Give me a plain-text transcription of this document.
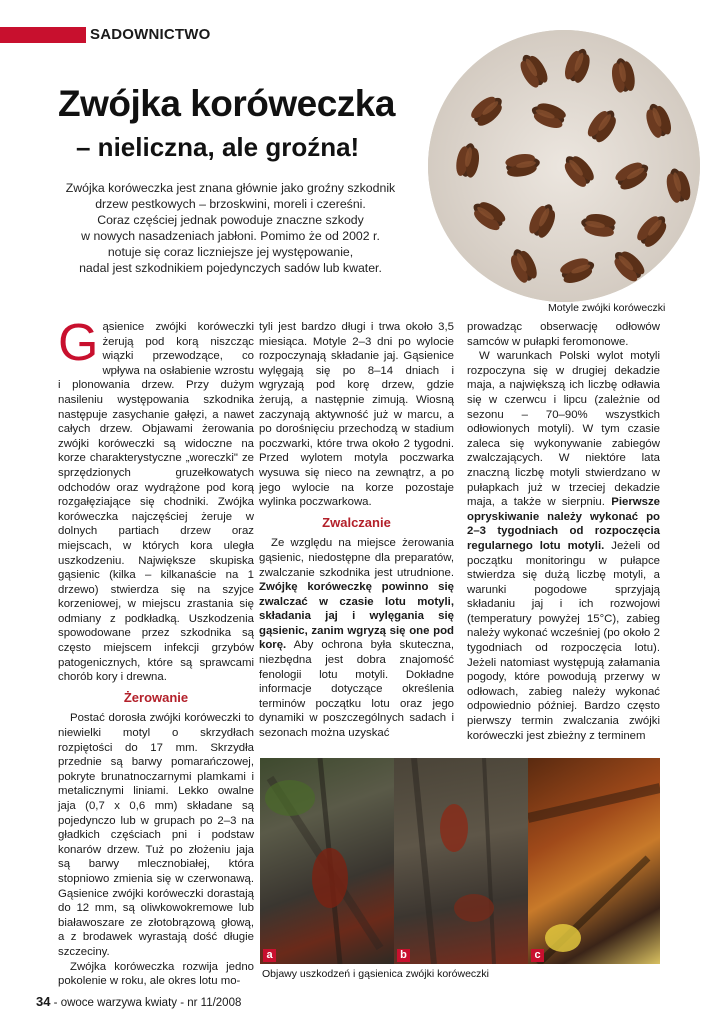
SADOWNICTWO
Zwójka koróweczka
– nieliczna, ale groźna!

Zwójka koróweczka jest znana głównie jako groźny szkodnik

drzew pestkowych – brzoskwini, moreli i czereśni.

Coraz częściej jednak powoduje znaczne szkody

w nowych nasadzeniach jabłoni. Pomimo że od 2002 r.

notuje się coraz liczniejsze jej występowanie,

nadal jest szkodnikiem pojedynczych sadów lub kwater.

Motyle zwójki koróweczki

Gąsienice zwójki koróweczki żerują pod korą niszcząc wiązki przewodzące, co wpływa na osłabienie wzrostu i plonowania drzew. Przy dużym nasileniu występowania szkodnika następuje zasychanie gałęzi, a nawet całych drzew. Objawami żerowania zwójki koróweczki są widoczne na korze charakterystyczne „woreczki" ze sprzędzionych gruzełkowatych odchodów oraz wydrążone pod korą rozgałęziające się chodniki. Zwójka koróweczka najczęściej żeruje w dolnych partiach drzew oraz miejscach, w których kora uległa uszkodzeniu. Największe skupiska gąsienic (kilka – kilkanaście na 1 drzewo) stwierdza się na szyjce korzeniowej, w miejscu zrastania się odmiany z podkładką. Uszkodzenia spowodowane przez szkodnika są często miejscem infekcji grzybów patogenicznych, które są sprawcami chorób kory i drewna.

Żerowanie

Postać dorosła zwójki koróweczki to niewielki motyl o skrzydłach rozpiętości do 17 mm. Skrzydła przednie są barwy pomarańczowej, pokryte brunatnoczarnymi plamkami i metalicznymi liniami. Lekko owalne jaja (0,7 x 0,6 mm) składane są pojedynczo lub w grupach po 2–3 na gładkich częściach pni i podstaw konarów drzew. Tuż po złożeniu jaja są barwy mlecznobiałej, która stopniowo zmienia się w czerwonawą. Gąsienice zwójki koróweczki dorastają do 12 mm, są oliwkowokremowe lub białawoszare ze złotobrązową głową, a z brodawek wyrastają dość długie szczeciny.

Zwójka koróweczka rozwija jedno pokolenie w roku, ale okres lotu mo-

tyli jest bardzo długi i trwa około 3,5 miesiąca. Motyle 2–3 dni po wylocie rozpoczynają składanie jaj. Gąsienice wylęgają się po 8–14 dniach i wgryzają pod korę drzew, gdzie żerują, a następnie zimują. Wiosną zaczynają aktywność już w marcu, a po dorośnięciu przechodzą w stadium poczwarki, które trwa około 2 tygodni. Przed wylotem motyla poczwarka wysuwa się nieco na zewnątrz, a po jego wylocie na korze pozostaje wylinka poczwarkowa.

Zwalczanie

Ze względu na miejsce żerowania gąsienic, niedostępne dla preparatów, zwalczanie szkodnika jest utrudnione. Zwójkę koróweczkę powinno się zwalczać w czasie lotu motyli, składania jaj i wylęgania się gąsienic, zanim wgryzą się one pod korę. Aby ochrona była skuteczna, niezbędna jest dobra znajomość fenologii lotu motyli. Dokładne informacje dotyczące określenia terminów początku lotu oraz jego dynamiki w poszczególnych sadach i sezonach można uzyskać

prowadząc obserwację odłowów samców w pułapki feromonowe.

W warunkach Polski wylot motyli rozpoczyna się w drugiej dekadzie maja, a największą ich liczbę odławia się w czerwcu i lipcu (zależnie od sezonu – 70–90% wszystkich odłowionych motyli). W tym czasie zaleca się wykonywanie zabiegów zwalczających. W niektóre lata znaczną liczbę motyli stwierdzano w pułapkach już w trzeciej dekadzie maja, a także w sierpniu. Pierwsze opryskiwanie należy wykonać po 2–3 tygodniach od rozpoczęcia regularnego lotu motyli. Jeżeli od początku monitoringu w pułapce stwierdza się dużą liczbę motyli, a warunki pogodowe sprzyjają składaniu jaj i ich rozwojowi (temperatury powyżej 15°C), zabieg należy wykonać wcześniej (po około 2 tygodniach od rozpoczęcia lotu). Jeżeli natomiast występują załamania pogody, które powodują przerwy w odłowach, zabieg należy wykonać odpowiednio później. Bardzo często pierwszy termin zwalczania zwójki koróweczki jest zbieżny z terminem

a	b	c
Objawy uszkodzeń i gąsienica zwójki koróweczki
34 - owoce warzywa kwiaty - nr 11/2008
